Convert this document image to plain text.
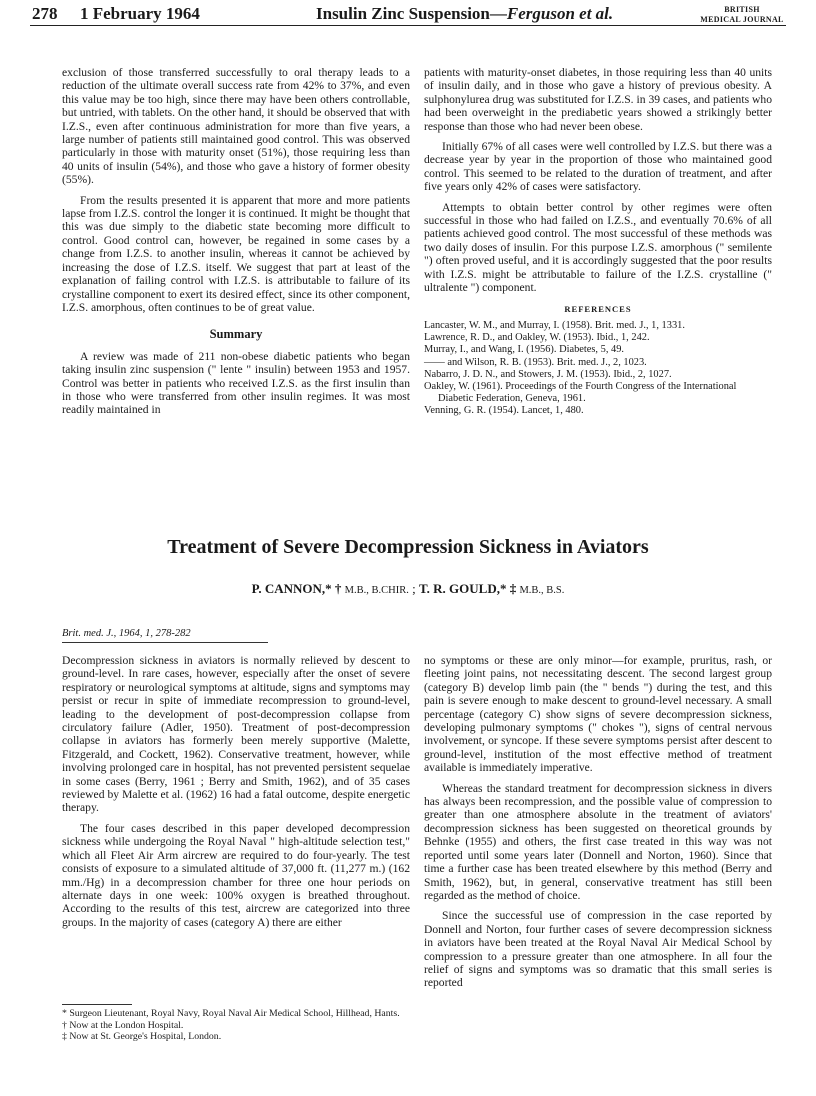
278 1 February 1964	Insulin Zinc Suspension—Ferguson et al.	BRITISH
MEDICAL JOURNAL

exclusion of those transferred successfully to oral therapy leads to a reduction of the ultimate overall success rate from 42% to 37%, and even this value may be too high, since there may have been others controllable, but untried, with tablets. On the other hand, it should be observed that with I.Z.S., even after continuous administration for more than five years, a large number of patients still maintained good control. This was observed particularly in those with maturity onset (51%), those requiring less than 40 units of insulin (54%), and those who gave a history of former obesity (55%).

From the results presented it is apparent that more and more patients lapse from I.Z.S. control the longer it is continued. It might be thought that this was due simply to the diabetic state becoming more difficult to control. Good control can, however, be regained in some cases by a change from I.Z.S. to another insulin, whereas it cannot be achieved by increasing the dose of I.Z.S. itself. We suggest that part at least of the explanation of failing control with I.Z.S. is attributable to failure of its crystalline component to exert its desired effect, since its other component, I.Z.S. amorphous, often continues to be of great value.

Summary

A review was made of 211 non-obese diabetic patients who began taking insulin zinc suspension (" lente " insulin) between 1953 and 1957. Control was better in patients who received I.Z.S. as the first insulin than in those who were transferred from other insulin regimes. It was most readily maintained in

patients with maturity-onset diabetes, in those requiring less than 40 units of insulin daily, and in those who gave a history of previous obesity. A sulphonylurea drug was substituted for I.Z.S. in 39 cases, and patients who had been overweight in the prediabetic years showed a strikingly better response than those who had never been obese.

Initially 67% of all cases were well controlled by I.Z.S. but there was a decrease year by year in the proportion of those who maintained good control. This seemed to be related to the duration of treatment, and after five years only 42% of cases were satisfactory.

Attempts to obtain better control by other regimes were often successful in those who had failed on I.Z.S., and eventually 70.6% of all patients achieved good control. The most successful of these methods was two daily doses of insulin. For this purpose I.Z.S. amorphous (" semilente ") often proved useful, and it is accordingly suggested that the poor results with I.Z.S. might be attributable to failure of the I.Z.S. crystalline (" ultralente ") component.

REFERENCES
Lancaster, W. M., and Murray, I. (1958). Brit. med. J., 1, 1331.
Lawrence, R. D., and Oakley, W. (1953). Ibid., 1, 242.
Murray, I., and Wang, I. (1956). Diabetes, 5, 49.
—— and Wilson, R. B. (1953). Brit. med. J., 2, 1023.
Nabarro, J. D. N., and Stowers, J. M. (1953). Ibid., 2, 1027.
Oakley, W. (1961). Proceedings of the Fourth Congress of the International Diabetic Federation, Geneva, 1961.
Venning, G. R. (1954). Lancet, 1, 480.
Treatment of Severe Decompression Sickness in Aviators
P. CANNON,* † M.B., B.CHIR. ; T. R. GOULD,* ‡ M.B., B.S.
Brit. med. J., 1964, 1, 278-282

Decompression sickness in aviators is normally relieved by descent to ground-level. In rare cases, however, especially after the onset of severe respiratory or neurological symptoms at altitude, signs and symptoms may persist or recur in spite of immediate recompression to ground-level, leading to the development of post-decompression collapse from circulatory failure (Adler, 1950). Treatment of post-decompression collapse in aviators has formerly been merely supportive (Malette, Fitzgerald, and Cockett, 1962). Conservative treatment, however, while involving prolonged care in hospital, has not prevented persistent sequelae in some cases (Berry, 1961 ; Berry and Smith, 1962), and of 35 cases reviewed by Malette et al. (1962) 16 had a fatal outcome, despite energetic therapy.

The four cases described in this paper developed decompression sickness while undergoing the Royal Naval " high-altitude selection test," which all Fleet Air Arm aircrew are required to do four-yearly. The test consists of exposure to a simulated altitude of 37,000 ft. (11,277 m.) (162 mm./Hg) in a decompression chamber for three one hour periods on alternate days in one week: 100% oxygen is breathed throughout. According to the results of this test, aircrew are categorized into three groups. In the majority of cases (category A) there are either

no symptoms or these are only minor—for example, pruritus, rash, or fleeting joint pains, not necessitating descent. The second largest group (category B) develop limb pain (the " bends ") during the test, and this pain is severe enough to make descent to ground-level necessary. A small percentage (category C) show signs of severe decompression sickness, developing pulmonary symptoms (" chokes "), signs of central nervous involvement, or syncope. If these severe symptoms persist after descent to ground-level, institution of the most effective method of treatment available is immediately imperative.

Whereas the standard treatment for decompression sickness in divers has always been recompression, and the possible value of compression to greater than one atmosphere absolute in the treatment of aviators' decompression sickness has been suggested on theoretical grounds by Behnke (1955) and others, the first case treated in this way was not reported until some years later (Donnell and Norton, 1960). Since that time a further case has been treated elsewhere by this method (Berry and Smith, 1962), but, in general, conservative treatment has still been regarded as the method of choice.

Since the successful use of compression in the case reported by Donnell and Norton, four further cases of severe decompression sickness in aviators have been treated at the Royal Naval Air Medical School by compression to a pressure greater than one atmosphere. In all four the relief of signs and symptoms was so dramatic that this small series is reported

* Surgeon Lieutenant, Royal Navy, Royal Naval Air Medical School, Hillhead, Hants.
† Now at the London Hospital.
‡ Now at St. George's Hospital, London.
